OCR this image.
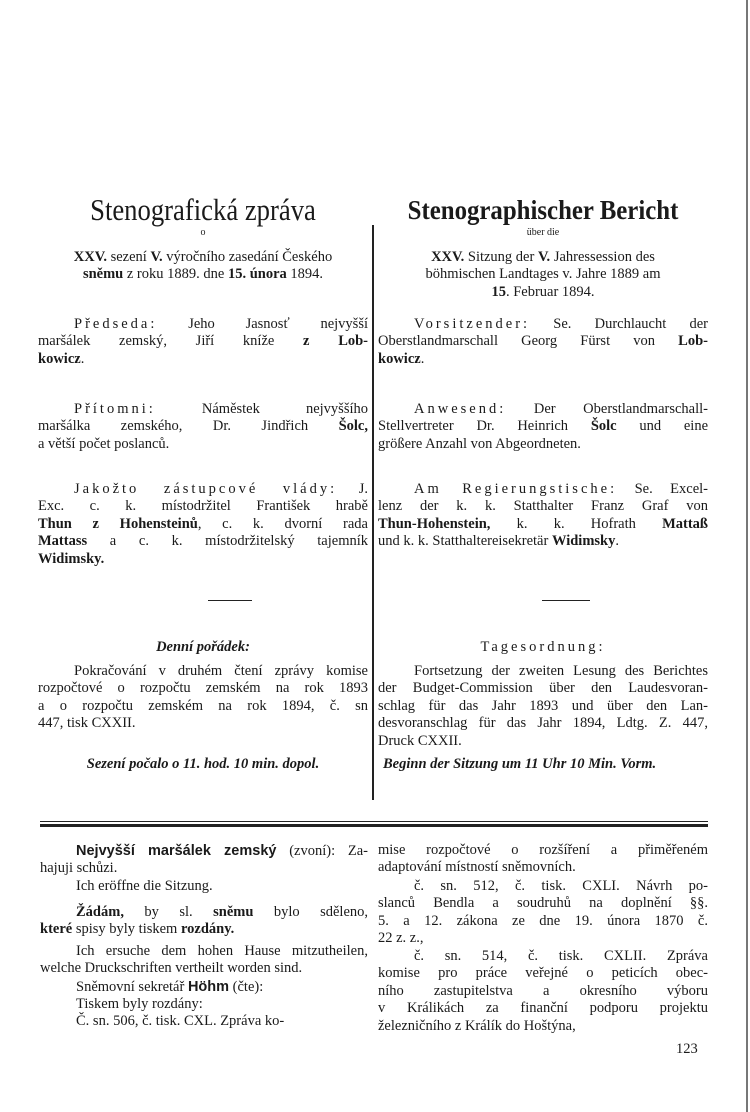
123
Stenografická zpráva
o
XXV. sezení V. výročního zasedání Českého
sněmu z roku 1889. dne 15. února 1894.
Předseda: Jeho Jasnosť nejvyšší
maršálek zemský, Jiří kníže z Lob-
kowicz.
Přítomni: Náměstek nejvyššího
maršálka zemského, Dr. Jindřich Šolc,
a větší počet poslanců.
Jakožto zástupcové vlády: J.
Exc. c. k. místodržitel František hrabě
Thun z Hohensteinů, c. k. dvorní rada
Mattass a c. k. místodržitelský tajemník
Widimsky.
Denní pořádek:
Pokračování v druhém čtení zprávy komise
rozpočtové o rozpočtu zemském na rok 1893
a o rozpočtu zemském na rok 1894, č. sn
447, tisk CXXII.
Sezení počalo o 11. hod. 10 min. dopol.
Stenographischer Bericht
über die
XXV. Sitzung der V. Jahressession des
böhmischen Landtages v. Jahre 1889 am
15. Februar 1894.
Vorsitzender: Se. Durchlaucht der
Oberstlandmarschall Georg Fürst von Lob-
kowicz.
Anwesend: Der Oberstlandmarschall-
Stellvertreter Dr. Heinrich Šolc und eine
größere Anzahl von Abgeordneten.
Am Regierungstische: Se. Excel-
lenz der k. k. Statthalter Franz Graf von
Thun-Hohenstein, k. k. Hofrath Mattaß
und k. k. Statthaltereisekretär Widimsky.
Tagesordnung:
Fortsetzung der zweiten Lesung des Berichtes
der Budget-Commission über den Laudesvoran-
schlag für das Jahr 1893 und über den Lan-
desvoranschlag für das Jahr 1894, Ldtg. Z. 447,
Druck CXXII.
Beginn der Sitzung um 11 Uhr 10 Min. Vorm.
Nejvyšší maršálek zemský (zvoní): Za-
hajuji schůzi.
Ich eröffne die Sitzung.
Žádám, by sl. sněmu bylo sděleno,
které spisy byly tiskem rozdány.
Ich ersuche dem hohen Hause mitzutheilen,
welche Druckschriften vertheilt worden sind.
Sněmovní sekretář Höhm (čte):
Tiskem byly rozdány:
Č. sn. 506, č. tisk. CXL. Zpráva ko-
mise rozpočtové o rozšíření a přiměřeném
adaptování místností sněmovních.
č. sn. 512, č. tisk. CXLI. Návrh po-
slanců Bendla a soudruhů na doplnění §§.
5. a 12. zákona ze dne 19. února 1870 č.
22 z. z.,
č. sn. 514, č. tisk. CXLII. Zpráva
komise pro práce veřejné o peticích obec-
ního zastupitelstva a okresního výboru
v Králikách za finanční podporu projektu
železničního z Králík do Hoštýna,
